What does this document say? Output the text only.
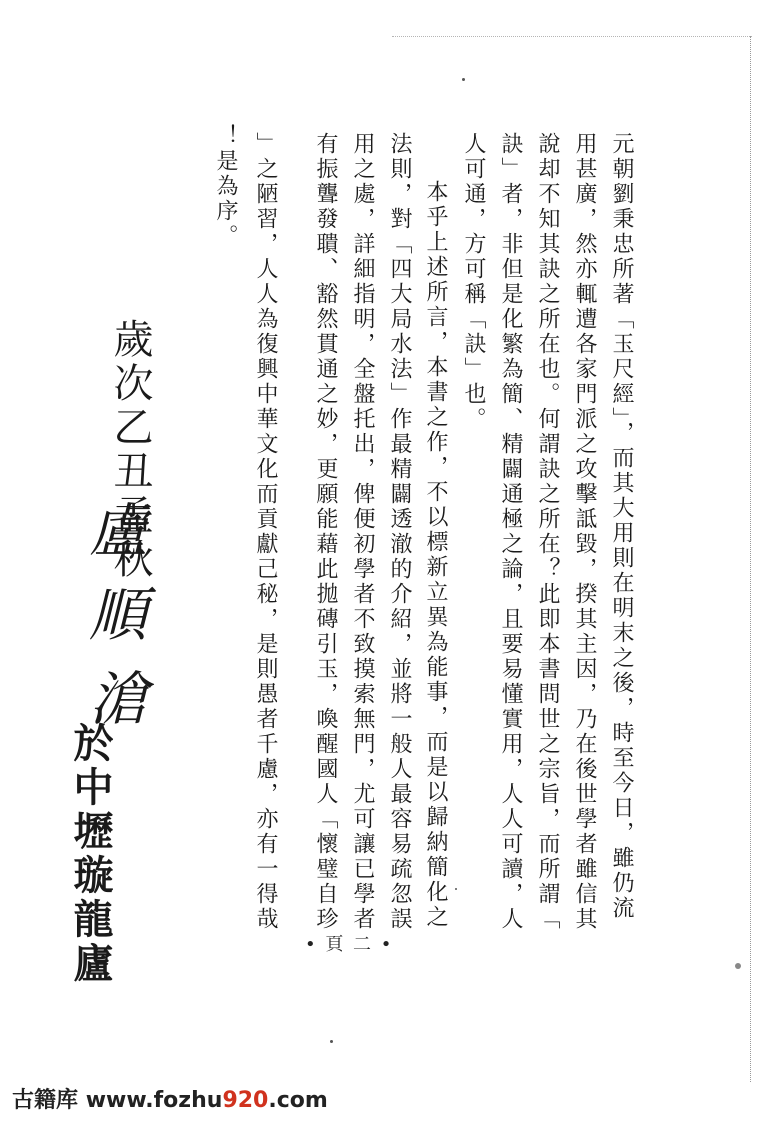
元朝劉秉忠所著「玉尺經」，而其大用則在明末之後，時至今日，雖仍流
用甚廣，然亦輒遭各家門派之攻擊詆毀，揆其主因，乃在後世學者雖信其
說却不知其訣之所在也。何謂訣之所在？此即本書問世之宗旨，而所謂「
訣」者，非但是化繁為簡、精闢通極之論，且要易懂實用，人人可讀，人
人可通，方可稱「訣」也。
本乎上述所言，本書之作，不以標新立異為能事，而是以歸納簡化之
法則，對「四大局水法」作最精闢透澈的介紹，並將一般人最容易疏忽誤
用之處，詳細指明，全盤托出，俾便初學者不致摸索無門，尤可讓已學者
有振聾發聵、豁然貫通之妙，更願能藉此拋磚引玉，喚醒國人「懷璧自珍
」之陋習，人人為復興中華文化而貢獻己秘，是則愚者千慮，亦有一得哉
！是為序。
歲次乙丑孟秋
盧順滄
於中壢璇龍廬	• 頁 二 •
古籍库 www.fozhu920.com
